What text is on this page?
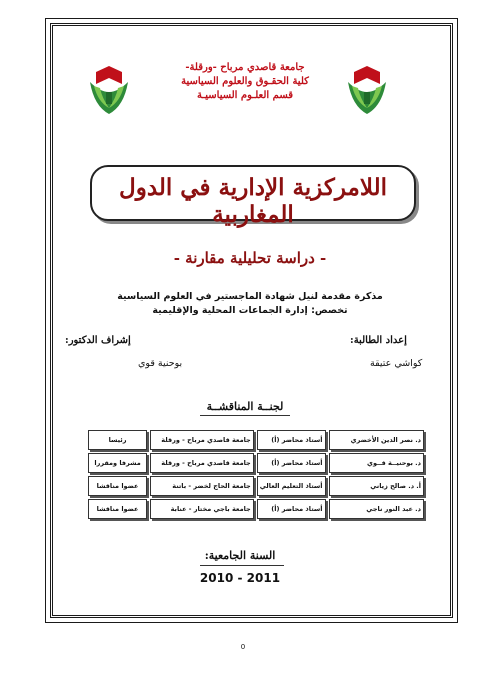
جامعة قاصدي مرباح -ورقلة-
كلية الحقـوق والعلوم السياسية
قسم العلـوم السياسيـة
اللامركزية الإدارية في الدول المغاربية
- دراسة تحليلية مقارنة -
مذكرة مقدمة لنيل شهادة الماجستير في العلوم السياسية
تخصص: إدارة الجماعات المحلية والإقليمية
إعداد الطالبة:
إشراف الدكتور:
كواشي عتيقة
بوحنية قوي
لجنــة المناقشــة
د. نصر الدين الأخضري	أستاذ محاضر (أ)	جامعة قاصدي مرباح - ورقلة	رئيسا
د. بوحنيــة قــوي	أستاذ محاضر (أ)	جامعة قاصدي مرباح - ورقلة	مشرفا ومقررا
أ. د. صالح زياني	أستاذ التعليم العالي	جامعة الحاج لخضر - باتنة	عضوا مناقشا
د. عبد النور ناجي	أستاذ محاضر (أ)	جامعة باجي مختار - عنابة	عضوا مناقشا
السنة الجامعية:
2010 - 2011
0
